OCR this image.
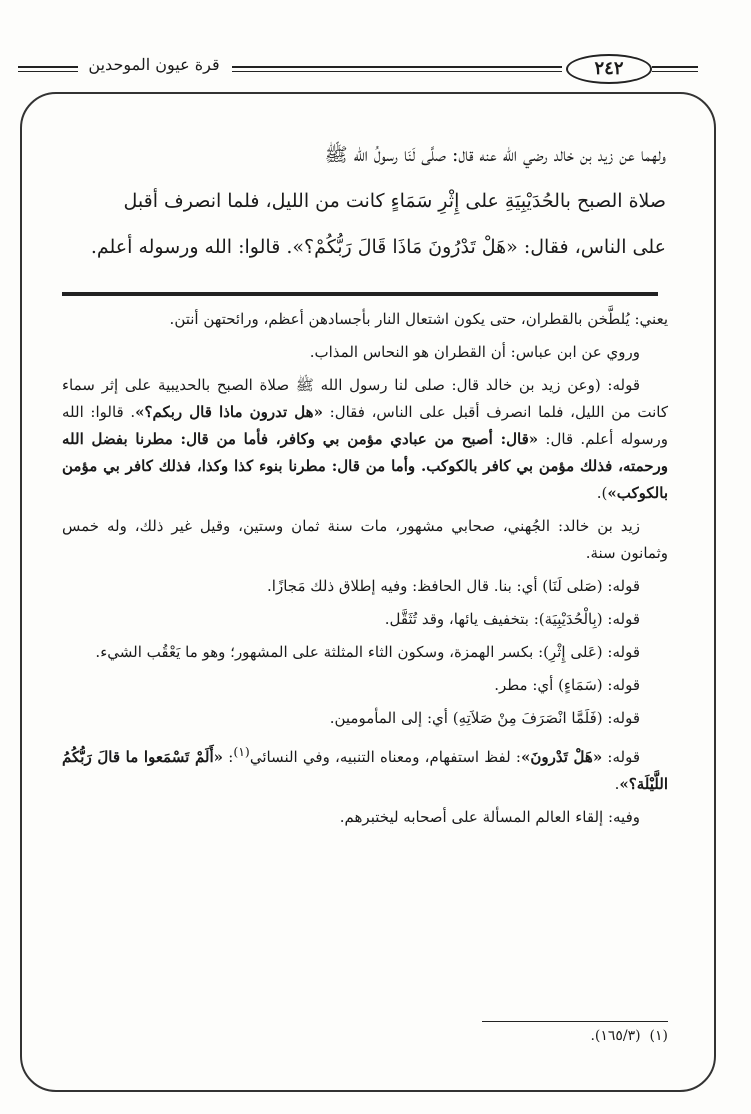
قرة عيون الموحدين	٢٤٢
ولهما عن زيد بن خالد رضي الله عنه قال: صلَّى لَنَا رسولُ الله ﷺ
صلاة الصبح بالحُدَيْبِيَةِ على إِثْرِ سَمَاءٍ كانت من الليل، فلما انصرف أقبل
على الناس، فقال: «هَلْ تَدْرُونَ مَاذَا قَالَ رَبُّكُمْ؟». قالوا: الله ورسوله أعلم.

يعني: يُلطَّخن بالقطران، حتى يكون اشتعال النار بأجسادهن أعظم، ورائحتهن أنتن.

وروي عن ابن عباس: أن القطران هو النحاس المذاب.

قوله: (وعن زيد بن خالد قال: صلى لنا رسول الله ﷺ صلاة الصبح بالحديبية على إثر سماء كانت من الليل، فلما انصرف أقبل على الناس، فقال: «هل تدرون ماذا قال ربكم؟». قالوا: الله ورسوله أعلم. قال: «قال: أصبح من عبادي مؤمن بي وكافر، فأما من قال: مطرنا بفضل الله ورحمته، فذلك مؤمن بي كافر بالكوكب. وأما من قال: مطرنا بنوء كذا وكذا، فذلك كافر بي مؤمن بالكوكب»).

زيد بن خالد: الجُهني، صحابي مشهور، مات سنة ثمان وستين، وقيل غير ذلك، وله خمس وثمانون سنة.

قوله: (صَلى لَنَا) أي: بنا. قال الحافظ: وفيه إطلاق ذلك مَجازًا.

قوله: (بِالْحُدَيْبِيَة): بتخفيف يائها، وقد تُثَقَّل.

قوله: (عَلى إِثْرِ): بكسر الهمزة، وسكون الثاء المثلثة على المشهور؛ وهو ما يَعْقُب الشيء.

قوله: (سَمَاءٍ) أي: مطر.

قوله: (فَلَمَّا انْصَرَفَ مِنْ صَلاَتِهِ) أي: إلى المأمومين.

قوله: «هَلْ تَدْرونَ»: لفظ استفهام، ومعناه التنبيه، وفي النسائي$^{(١)}$: «أَلَمْ تَسْمَعوا ما قالَ رَبُّكُمُ اللَّيْلَة؟».

وفيه: إلقاء العالم المسألة على أصحابه ليختبرهم.

(١)  (١٦٥/٣).
